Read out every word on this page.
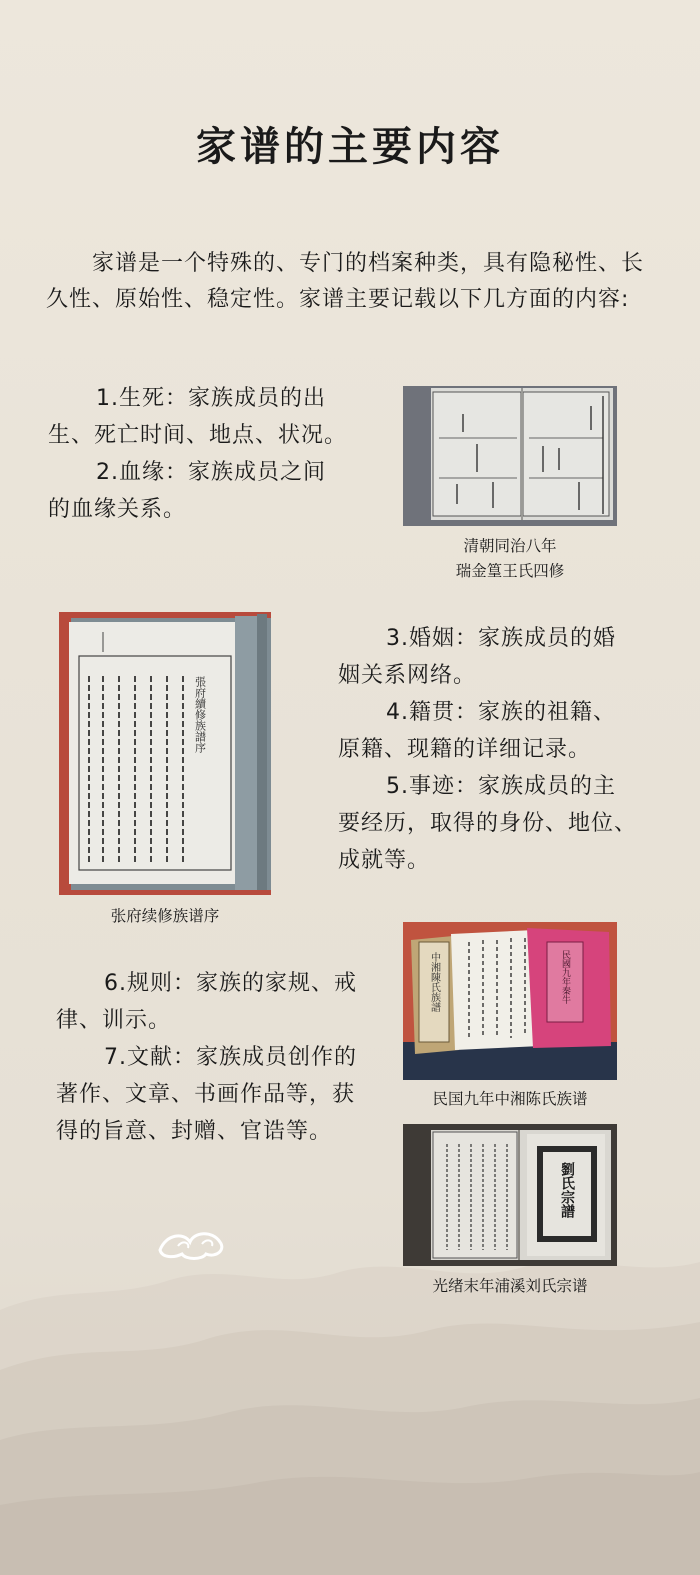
家谱的主要内容
家谱是一个特殊的、专门的档案种类，具有隐秘性、长久性、原始性、稳定性。家谱主要记载以下几方面的内容:

1.生死：家族成员的出生、死亡时间、地点、状况。

2.血缘：家族成员之间的血缘关系。

清朝同治八年
瑞金篁王氏四修
張府續修族譜序
张府续修族谱序

3.婚姻：家族成员的婚姻关系网络。

4.籍贯：家族的祖籍、原籍、现籍的详细记录。

5.事迹：家族成员的主要经历，取得的身份、地位、成就等。

6.规则：家族的家规、戒律、训示。

7.文献：家族成员创作的著作、文章、书画作品等，获得的旨意、封赠、官诰等。

中湘陳氏族譜	民國九年秦牛
民国九年中湘陈氏族谱
劉氏宗譜
光绪末年浦溪刘氏宗谱
